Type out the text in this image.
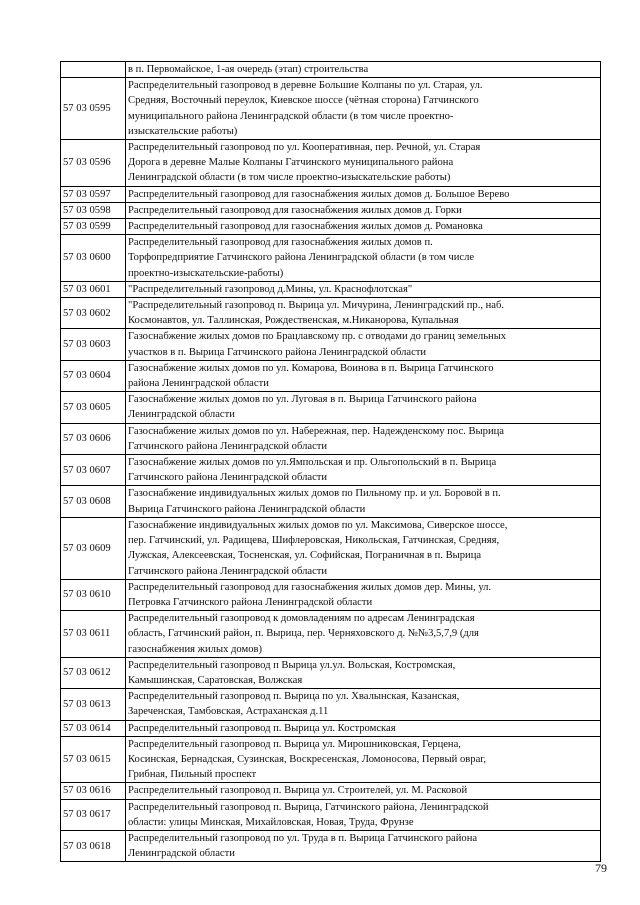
	в п. Первомайское, 1-ая очередь (этап) строительства
57 03 0595	Распределительный газопровод в деревне Большие Колпаны по ул. Старая, ул.
Средняя, Восточный переулок, Киевское шоссе (чётная сторона) Гатчинского
муниципального района Ленинградской области (в том числе проектно-
изыскательские работы)
57 03 0596	Распределительный газопровод по ул. Кооперативная, пер. Речной, ул. Старая
Дорога в деревне Малые Колпаны Гатчинского муниципального района
Ленинградской области (в том числе проектно-изыскательские работы)
57 03 0597	Распределительный газопровод для газоснабжения жилых домов д. Большое Верево
57 03 0598	Распределительный газопровод для газоснабжения жилых домов д. Горки
57 03 0599	Распределительный газопровод для газоснабжения жилых домов д. Романовка
57 03 0600	Распределительный газопровод для газоснабжения жилых домов п.
Торфопредприятие Гатчинского района Ленинградской области (в том числе
проектно-изыскательские-работы)
57 03 0601	"Распределительный газопровод д.Мины, ул. Краснофлотская"
57 03 0602	"Распределительный газопровод п. Вырица ул. Мичурина, Ленинградский пр., наб.
Космонавтов, ул. Таллинская, Рождественская, м.Никанорова, Купальная
57 03 0603	Газоснабжение жилых домов по Брацлавскому пр. с отводами до границ земельных
участков в п. Вырица Гатчинского района Ленинградской области
57 03 0604	Газоснабжение жилых домов по ул. Комарова, Воинова в п. Вырица Гатчинского
района Ленинградской области
57 03 0605	Газоснабжение жилых домов по ул. Луговая в п. Вырица Гатчинского района
Ленинградской области
57 03 0606	Газоснабжение жилых домов по ул. Набережная, пер. Надежденскому пос. Вырица
Гатчинского района Ленинградской области
57 03 0607	Газоснабжение жилых домов по ул.Ямпольская и пр. Ольгопольский в п. Вырица
Гатчинского района Ленинградской области
57 03 0608	Газоснабжение индивидуальных жилых домов по Пильному пр. и ул. Боровой в п.
Вырица Гатчинского района Ленинградской области
57 03 0609	Газоснабжение индивидуальных жилых домов по ул. Максимова, Сиверское шоссе,
пер. Гатчинский, ул. Радищева, Шифлеровская, Никольская, Гатчинская, Средняя,
Лужская, Алексеевская, Тосненская, ул. Софийская, Пограничная в п. Вырица
Гатчинского района Ленинградской области
57 03 0610	Распределительный газопровод для газоснабжения жилых домов дер. Мины, ул.
Петровка Гатчинского района Ленинградской области
57 03 0611	Распределительный газопровод к домовладениям по адресам Ленинградская
область, Гатчинский район, п. Вырица, пер. Черняховского д. №№3,5,7,9 (для
газоснабжения жилых домов)
57 03 0612	Распределительный газопровод п Вырица ул.ул. Вольская, Костромская,
Камышинская, Саратовская, Волжская
57 03 0613	Распределительный газопровод п. Вырица по ул. Хвалынская, Казанская,
Зареченская, Тамбовская, Астраханская д.11
57 03 0614	Распределительный газопровод п. Вырица ул. Костромская
57 03 0615	Распределительный газопровод п. Вырица ул. Мирошниковская, Герцена,
Косинская, Бернадская, Сузинская, Воскресенская, Ломоносова, Первый овраг,
Грибная, Пильный проспект
57 03 0616	Распределительный газопровод п. Вырица ул. Строителей, ул. М. Расковой
57 03 0617	Распределительный газопровод п. Вырица, Гатчинского района, Ленинградской
области: улицы Минская, Михайловская, Новая, Труда, Фрунзе
57 03 0618	Распределительный газопровод по ул. Труда в п. Вырица Гатчинского района
Ленинградской области
79
